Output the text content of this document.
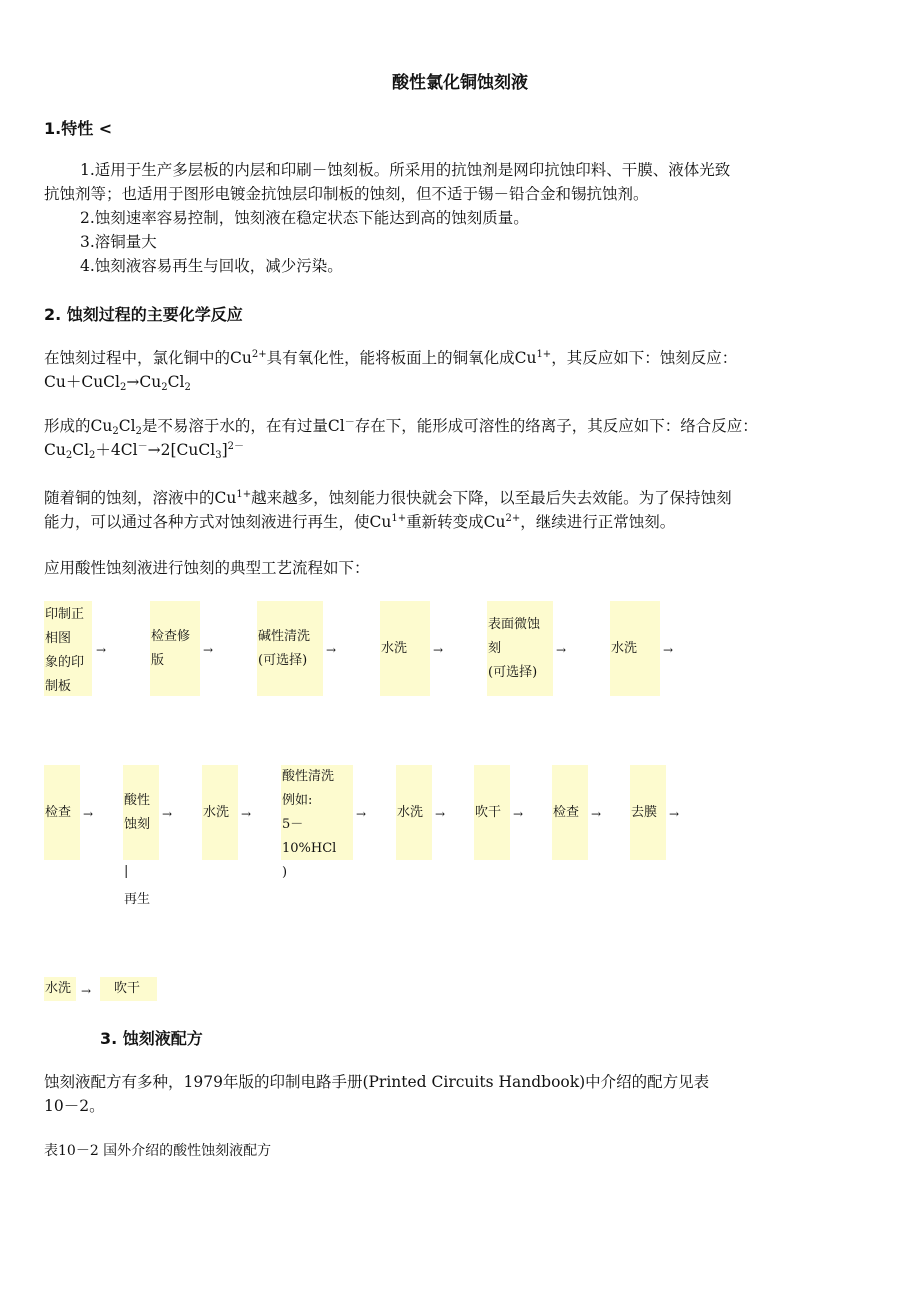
酸性氯化铜蚀刻液
1.特性 <
1.适用于生产多层板的内层和印刷－蚀刻板。所采用的抗蚀剂是网印抗蚀印料、干膜、液体光致
抗蚀剂等；也适用于图形电镀金抗蚀层印制板的蚀刻，但不适于锡－铅合金和锡抗蚀剂。
2.蚀刻速率容易控制，蚀刻液在稳定状态下能达到高的蚀刻质量。
3.溶铜量大
4.蚀刻液容易再生与回收，减少污染。
2. 蚀刻过程的主要化学反应
在蚀刻过程中，氯化铜中的$Cu^{2+}$具有氧化性，能将板面上的铜氧化成$Cu^{1+}$，其反应如下：蚀刻反应：
$Cu+CuCl_2\to Cu_2Cl_2$
形成的$Cu_2Cl_2$是不易溶于水的，在有过量Cl－存在下，能形成可溶性的络离子，其反应如下：络合反应：
$Cu_2Cl_2+4Cl^-\to 2[CuCl_3]^{2-}$
随着铜的蚀刻，溶液中的$Cu^{1+}$越来越多，蚀刻能力很快就会下降，以至最后失去效能。为了保持蚀刻
能力，可以通过各种方式对蚀刻液进行再生，使$Cu^{1+}$重新转变成$Cu^{2+}$，继续进行正常蚀刻。
应用酸性蚀刻液进行蚀刻的典型工艺流程如下：
印制正
相图
象的印
制板
→
检查修
版
→
碱性清洗
(可选择)
→	水洗	→
表面微蚀
刻
(可选择)
→	水洗	→
检查 →
酸性
蚀刻
→ 水洗 →
酸性清洗
例如:
5－10%HCl
)
→ 水洗 → 吹干 → 检查 → 去膜 →
|
再生
水洗 → 吹干
3. 蚀刻液配方
蚀刻液配方有多种，1979年版的印制电路手册(Printed Circuits Handbook)中介绍的配方见表
10－2。
表10－2 国外介绍的酸性蚀刻液配方
